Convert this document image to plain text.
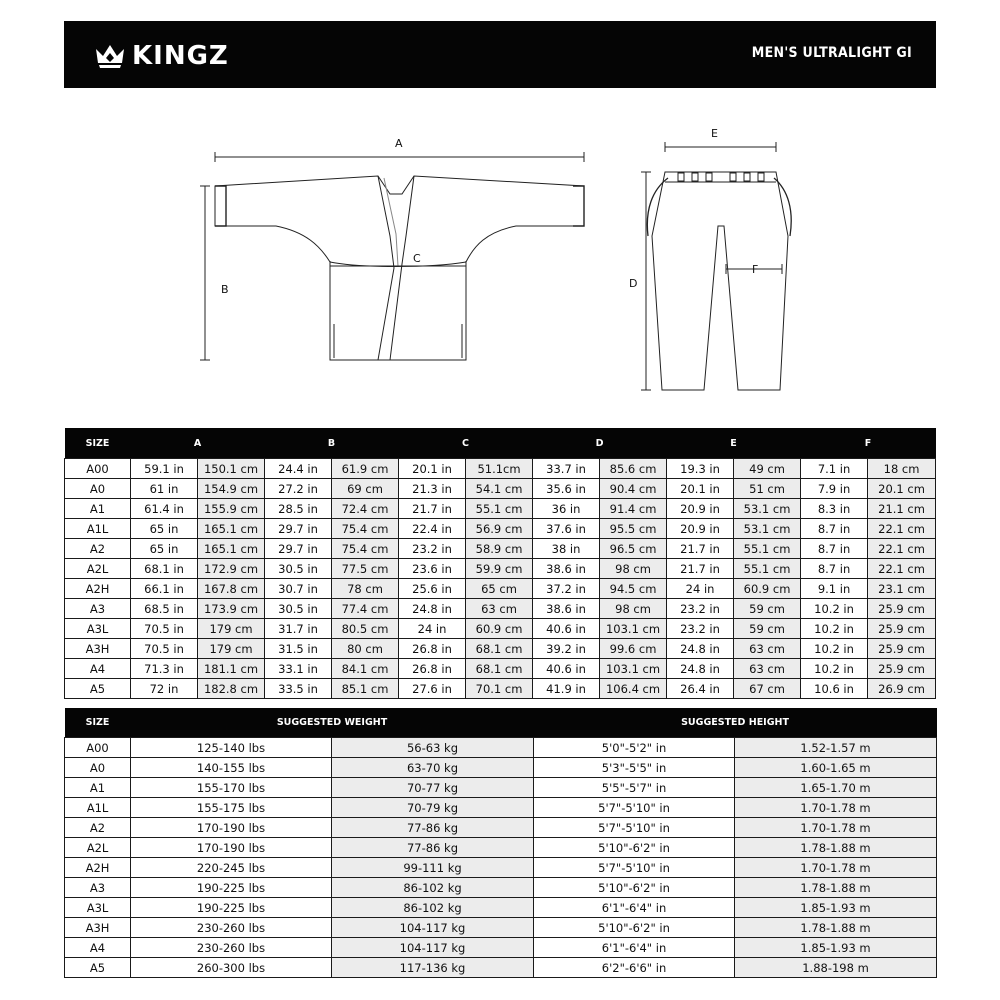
KINGZ	MEN'S ULTRALIGHT GI
A
B
C
D
E
F
SIZE	A		B		C		D		E		F	
A00	59.1 in	150.1 cm	24.4 in	61.9 cm	20.1 in	51.1cm	33.7 in	85.6 cm	19.3 in	49 cm	7.1 in	18 cm
A0	61 in	154.9 cm	27.2 in	69 cm	21.3 in	54.1 cm	35.6 in	90.4 cm	20.1 in	51 cm	7.9 in	20.1 cm
A1	61.4 in	155.9 cm	28.5 in	72.4 cm	21.7 in	55.1 cm	36 in	91.4 cm	20.9 in	53.1 cm	8.3 in	21.1 cm
A1L	65 in	165.1 cm	29.7 in	75.4 cm	22.4 in	56.9 cm	37.6 in	95.5 cm	20.9 in	53.1 cm	8.7 in	22.1 cm
A2	65 in	165.1 cm	29.7 in	75.4 cm	23.2 in	58.9 cm	38 in	96.5 cm	21.7 in	55.1 cm	8.7 in	22.1 cm
A2L	68.1 in	172.9 cm	30.5 in	77.5 cm	23.6 in	59.9 cm	38.6 in	98 cm	21.7 in	55.1 cm	8.7 in	22.1 cm
A2H	66.1 in	167.8 cm	30.7 in	78 cm	25.6 in	65 cm	37.2 in	94.5 cm	24 in	60.9 cm	9.1 in	23.1 cm
A3	68.5 in	173.9 cm	30.5 in	77.4 cm	24.8 in	63 cm	38.6 in	98 cm	23.2 in	59 cm	10.2 in	25.9 cm
A3L	70.5 in	179 cm	31.7 in	80.5 cm	24 in	60.9 cm	40.6 in	103.1 cm	23.2 in	59 cm	10.2 in	25.9 cm
A3H	70.5 in	179 cm	31.5 in	80 cm	26.8 in	68.1 cm	39.2 in	99.6 cm	24.8 in	63 cm	10.2 in	25.9 cm
A4	71.3 in	181.1 cm	33.1 in	84.1 cm	26.8 in	68.1 cm	40.6 in	103.1 cm	24.8 in	63 cm	10.2 in	25.9 cm
A5	72 in	182.8 cm	33.5 in	85.1 cm	27.6 in	70.1 cm	41.9 in	106.4 cm	26.4 in	67 cm	10.6 in	26.9 cm
SIZE	SUGGESTED WEIGHT		SUGGESTED HEIGHT	
A00	125-140 lbs	56-63 kg	5'0"-5'2" in	1.52-1.57 m
A0	140-155 lbs	63-70 kg	5'3"-5'5" in	1.60-1.65 m
A1	155-170 lbs	70-77 kg	5'5"-5'7" in	1.65-1.70 m
A1L	155-175 lbs	70-79 kg	5'7"-5'10" in	1.70-1.78 m
A2	170-190 lbs	77-86 kg	5'7"-5'10" in	1.70-1.78 m
A2L	170-190 lbs	77-86 kg	5'10"-6'2" in	1.78-1.88 m
A2H	220-245 lbs	99-111 kg	5'7"-5'10" in	1.70-1.78 m
A3	190-225 lbs	86-102 kg	5'10"-6'2" in	1.78-1.88 m
A3L	190-225 lbs	86-102 kg	6'1"-6'4" in	1.85-1.93 m
A3H	230-260 lbs	104-117 kg	5'10"-6'2" in	1.78-1.88 m
A4	230-260 lbs	104-117 kg	6'1"-6'4" in	1.85-1.93 m
A5	260-300 lbs	117-136 kg	6'2"-6'6" in	1.88-198 m
